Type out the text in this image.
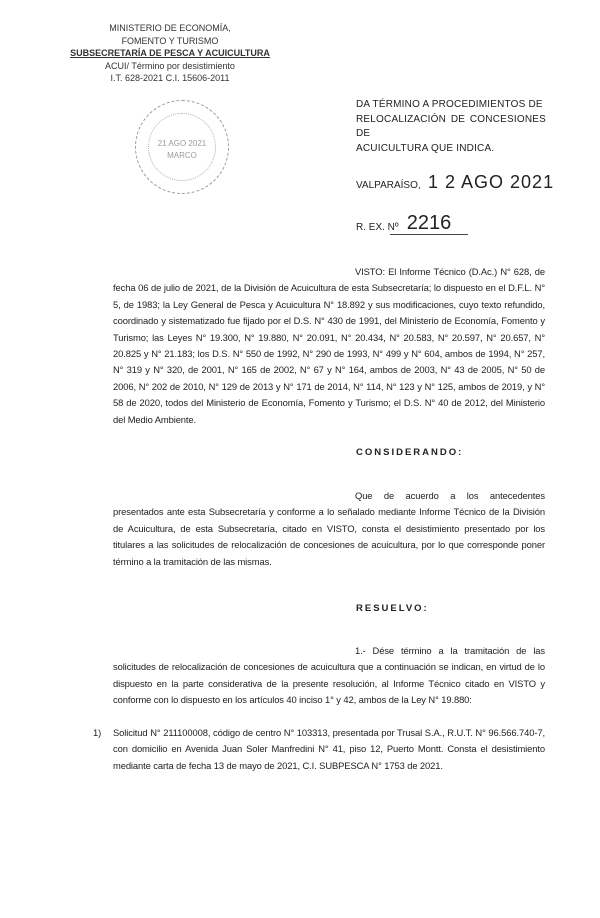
MINISTERIO DE ECONOMÍA,
FOMENTO Y TURISMO
SUBSECRETARÍA DE PESCA Y ACUICULTURA
ACUI/ Término por desistimiento
I.T. 628-2021 C.I. 15606-2011
21 AGO 2021
MARCO
DA TÉRMINO A PROCEDIMIENTOS DE
RELOCALIZACIÓN DE CONCESIONES DE
ACUICULTURA QUE INDICA.
VALPARAÍSO, 1 2 AGO 2021
R. EX. Nº 2216
VISTO: El Informe Técnico (D.Ac.) N° 628, de fecha 06 de julio de 2021, de la División de Acuicultura de esta Subsecretaría; lo dispuesto en el D.F.L. N° 5, de 1983; la Ley General de Pesca y Acuicultura N° 18.892 y sus modificaciones, cuyo texto refundido, coordinado y sistematizado fue fijado por el D.S. N° 430 de 1991, del Ministerio de Economía, Fomento y Turismo; las Leyes N° 19.300, N° 19.880, N° 20.091, N° 20.434, N° 20.583, N° 20.597, N° 20.657, N° 20.825 y N° 21.183; los D.S. N° 550 de 1992, N° 290 de 1993, N° 499 y N° 604, ambos de 1994, N° 257, N° 319 y N° 320, de 2001, N° 165 de 2002, N° 67 y N° 164, ambos de 2003, N° 43 de 2005, N° 50 de 2006, N° 202 de 2010, N° 129 de 2013 y N° 171 de 2014, N° 114, N° 123 y N° 125, ambos de 2019, y N° 58 de 2020, todos del Ministerio de Economía, Fomento y Turismo; el D.S. N° 40 de 2012, del Ministerio del Medio Ambiente.
CONSIDERANDO:
Que de acuerdo a los antecedentes presentados ante esta Subsecretaría y conforme a lo señalado mediante Informe Técnico de la División de Acuicultura, de esta Subsecretaría, citado en VISTO, consta el desistimiento presentado por los titulares a las solicitudes de relocalización de concesiones de acuicultura, por lo que corresponde poner término a la tramitación de las mismas.
RESUELVO:
1.- Dése término a la tramitación de las solicitudes de relocalización de concesiones de acuicultura que a continuación se indican, en virtud de lo dispuesto en la parte considerativa de la presente resolución, al Informe Técnico citado en VISTO y conforme con lo dispuesto en los artículos 40 inciso 1° y 42, ambos de la Ley N° 19.880:
1) Solicitud N° 211100008, código de centro N° 103313, presentada por Trusal S.A., R.U.T. N° 96.566.740-7, con domicilio en Avenida Juan Soler Manfredini N° 41, piso 12, Puerto Montt. Consta el desistimiento mediante carta de fecha 13 de mayo de 2021, C.I. SUBPESCA N° 1753 de 2021.
